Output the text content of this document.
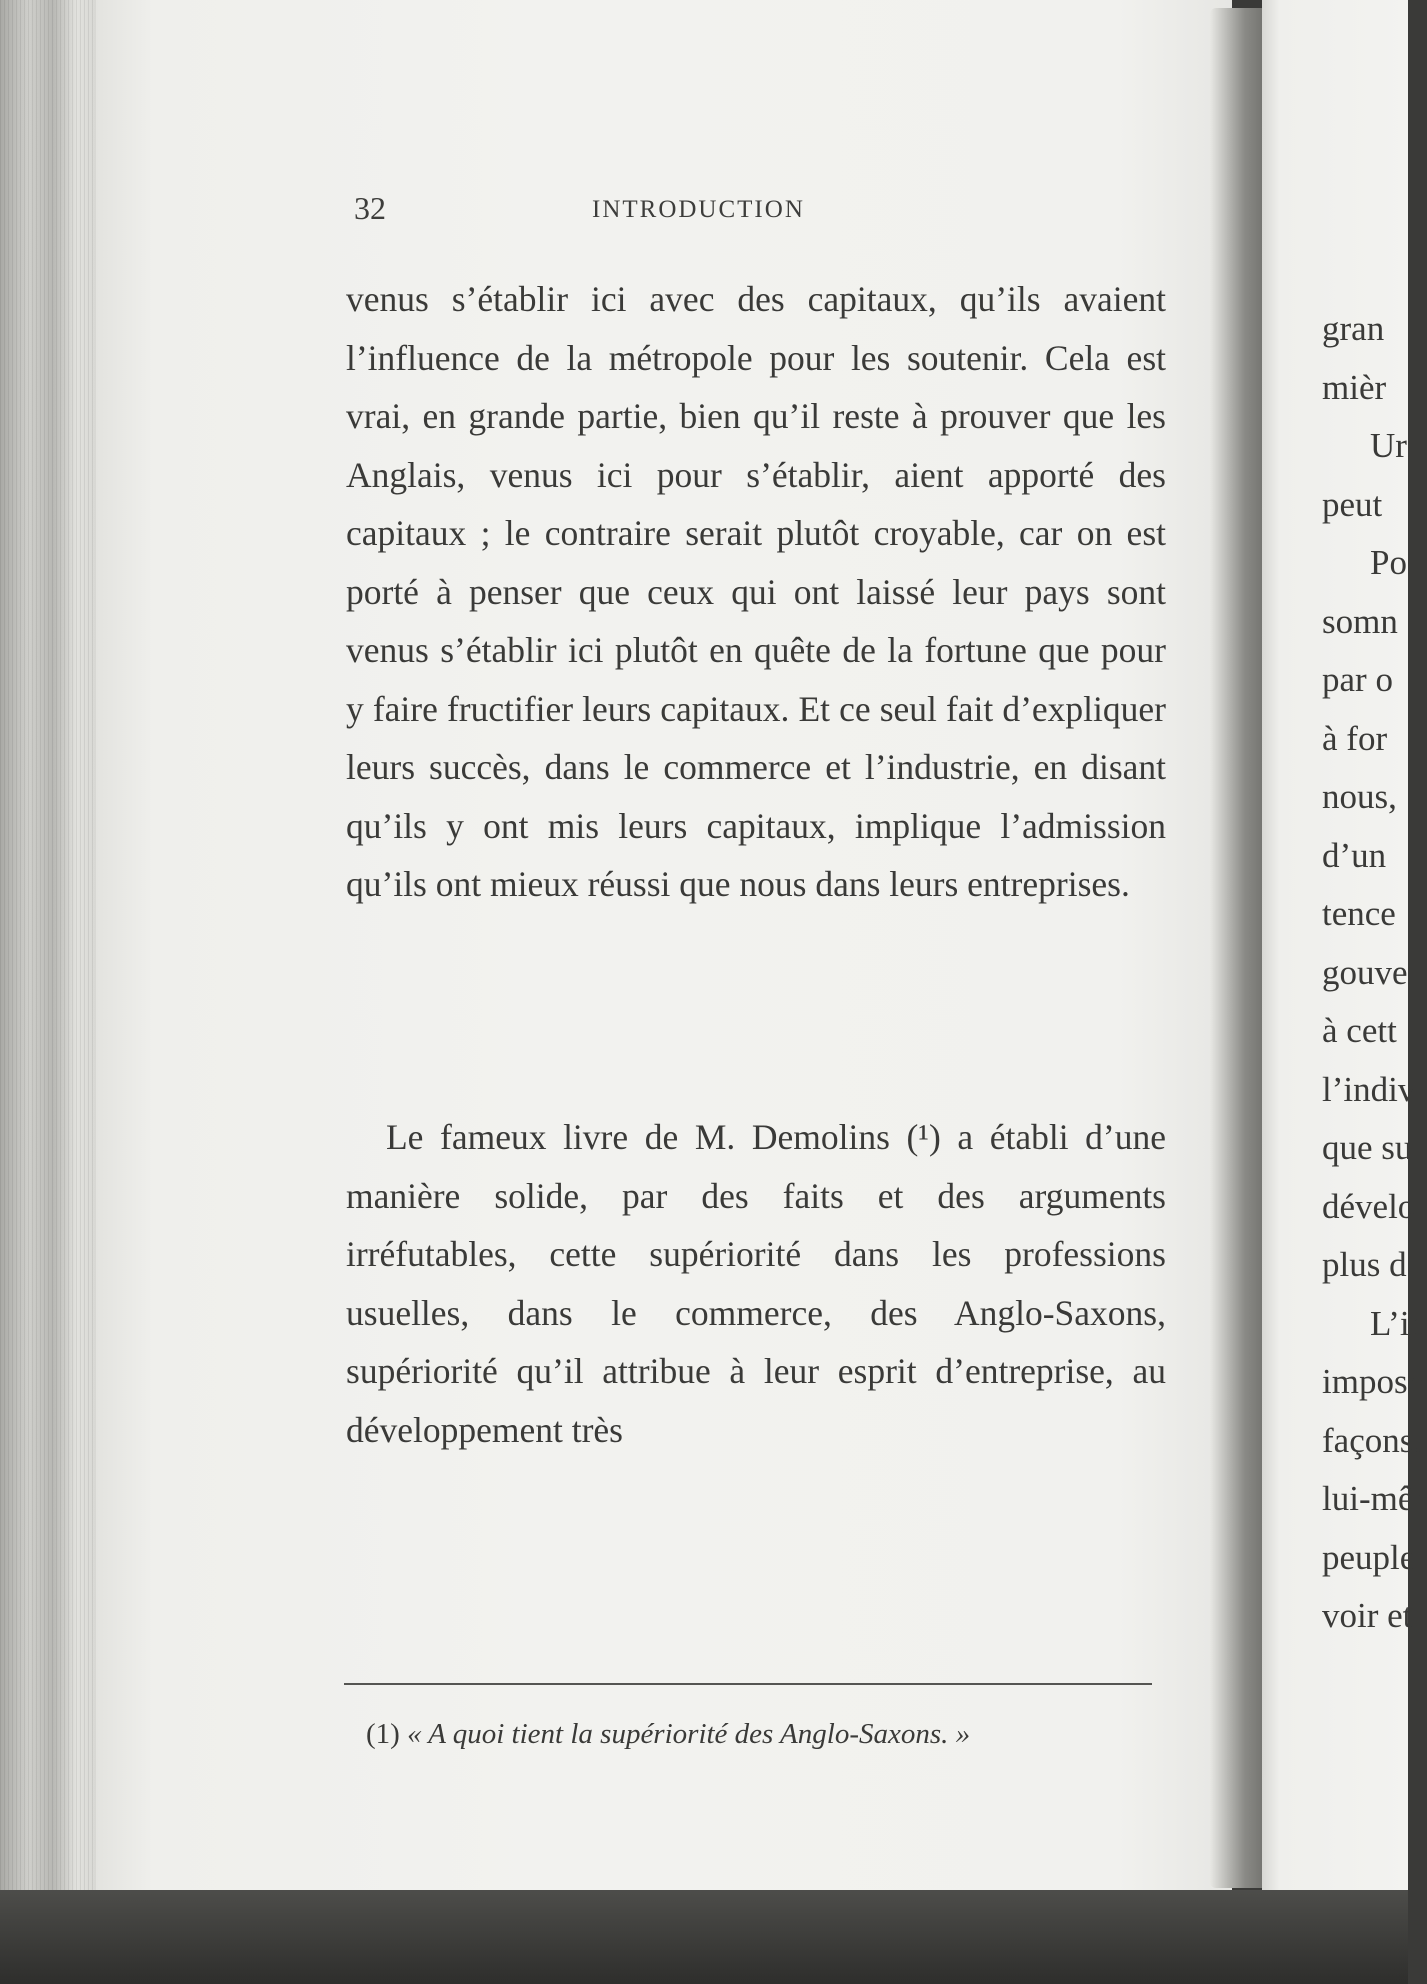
32	INTRODUCTION

venus s’établir ici avec des capitaux, qu’ils avaient l’influence de la métropole pour les soutenir. Cela est vrai, en grande partie, bien qu’il reste à prouver que les Anglais, venus ici pour s’établir, aient apporté des capitaux ; le contraire serait plutôt croyable, car on est porté à penser que ceux qui ont laissé leur pays sont venus s’établir ici plutôt en quête de la fortune que pour y faire fructifier leurs capitaux. Et ce seul fait d’expliquer leurs succès, dans le commerce et l’industrie, en disant qu’ils y ont mis leurs capitaux, implique l’admission qu’ils ont mieux réussi que nous dans leurs entreprises.

Le fameux livre de M. Demolins (¹) a établi d’une manière solide, par des faits et des arguments irréfutables, cette supériorité dans les professions usuelles, dans le commerce, des Anglo-Saxons, supériorité qu’il attribue à leur esprit d’entreprise, au développement très

(1) « A quoi tient la supériorité des Anglo-Saxons. »
gran
mièr
Ur
peut
Po
somn
par o
à for
nous,
d’un
tence
gouve
à cett
l’indiv
que su
dévelo
plus d
L’in
impose
façons.
lui-mêr
peuple
voir et
